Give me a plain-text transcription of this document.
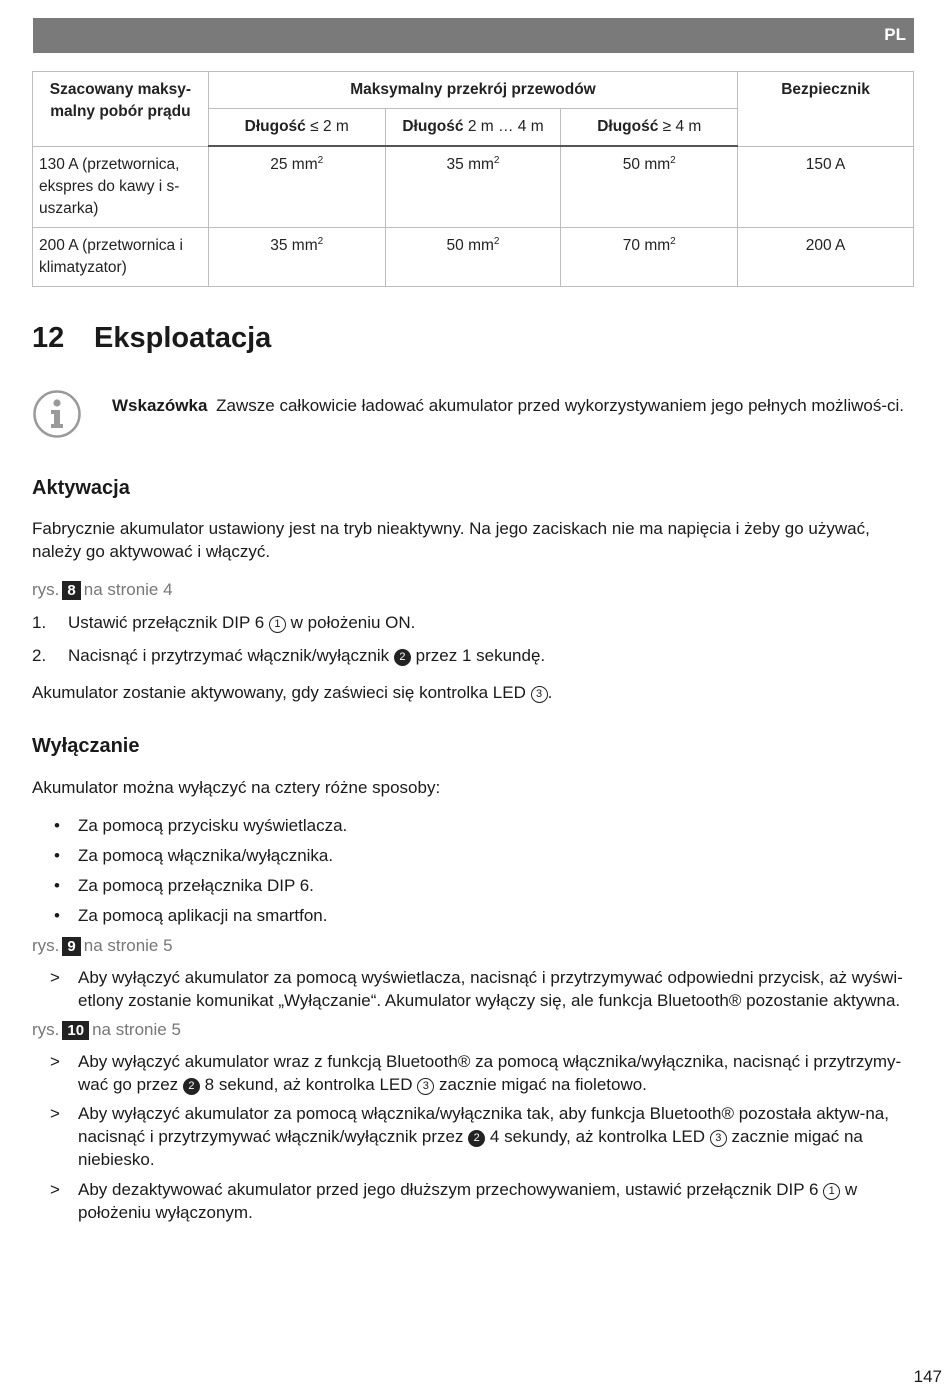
PL
Szacowany maksy-malny pobór prądu	Maksymalny przekrój przewodów			Bezpiecznik
	Długość ≤ 2 m	Długość 2 m … 4 m	Długość ≥ 4 m	
130 A (przetwornica, ekspres do kawy i s-uszarka)	25 $mm^2$	35 $mm^2$	50 $mm^2$	150 A
200 A (przetwornica i klimatyzator)	35 $mm^2$	50 $mm^2$	70 $mm^2$	200 A
12 Eksploatacja

Wskazówka Zawsze całkowicie ładować akumulator przed wykorzystywaniem jego pełnych możliwoś-ci.

Aktywacja

Fabrycznie akumulator ustawiony jest na tryb nieaktywny. Na jego zaciskach nie ma napięcia i żeby go używać, należy go aktywować i włączyć.

rys. 8 na stronie 4

1. Ustawić przełącznik DIP 6 1 w położeniu ON.

2. Nacisnąć i przytrzymać włącznik/wyłącznik 2 przez 1 sekundę.

Akumulator zostanie aktywowany, gdy zaświeci się kontrolka LED 3 .

Wyłączanie

Akumulator można wyłączyć na cztery różne sposoby:

• Za pomocą przycisku wyświetlacza.

• Za pomocą włącznika/wyłącznika.

• Za pomocą przełącznika DIP 6.

• Za pomocą aplikacji na smartfon.

rys. 9 na stronie 5

> Aby wyłączyć akumulator za pomocą wyświetlacza, nacisnąć i przytrzymywać odpowiedni przycisk, aż wyświ-etlony zostanie komunikat „Wyłączanie“. Akumulator wyłączy się, ale funkcja Bluetooth® pozostanie aktywna.

rys. 10 na stronie 5

> Aby wyłączyć akumulator wraz z funkcją Bluetooth® za pomocą włącznika/wyłącznika, nacisnąć i przytrzymy-wać go przez 2 8 sekund, aż kontrolka LED 3 zacznie migać na fioletowo.

> Aby wyłączyć akumulator za pomocą włącznika/wyłącznika tak, aby funkcja Bluetooth® pozostała aktyw-na, nacisnąć i przytrzymywać włącznik/wyłącznik przez 2 4 sekundy, aż kontrolka LED 3 zacznie migać na niebiesko.

> Aby dezaktywować akumulator przed jego dłuższym przechowywaniem, ustawić przełącznik DIP 6 1 w położeniu wyłączonym.

147
